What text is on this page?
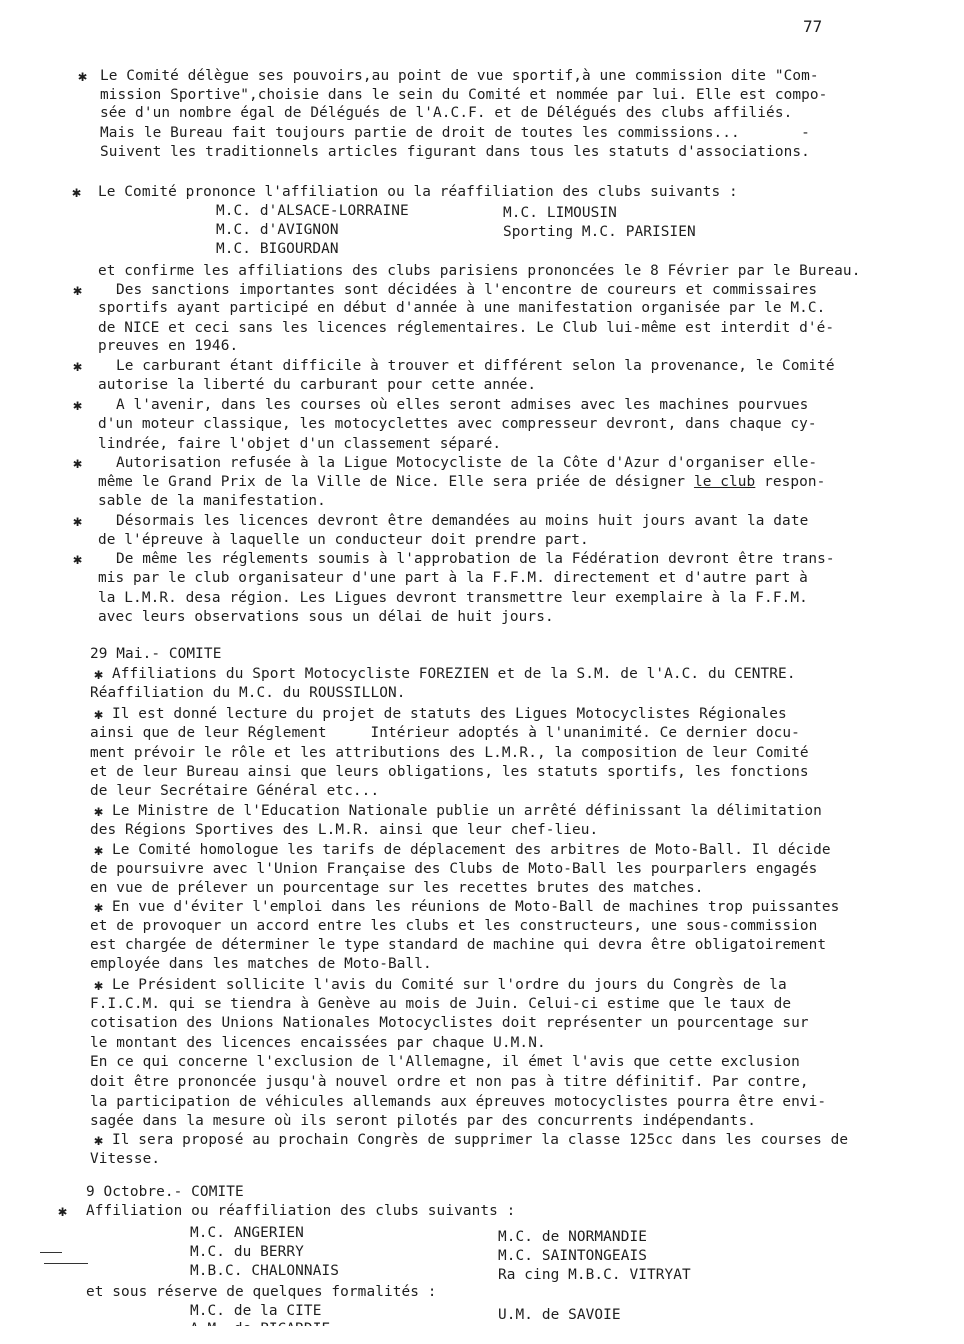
77
✱ Le Comité délègue ses pouvoirs,au point de vue sportif,à une commission dite "Com-
mission Sportive",choisie dans le sein du Comité et nommée par lui. Elle est compo-
sée d'un nombre égal de Délégués de l'A.C.F. et de Délégués des clubs affiliés.
Mais le Bureau fait toujours partie de droit de toutes les commissions...       -
Suivent les traditionnels articles figurant dans tous les statuts d'associations.
✱ Le Comité prononce l'affiliation ou la réaffiliation des clubs suivants :
M.C. d'ALSACE-LORRAINE	M.C. LIMOUSIN
M.C. d'AVIGNON	Sporting M.C. PARISIEN
M.C. BIGOURDAN
et confirme les affiliations des clubs parisiens prononcées le 8 Février par le Bureau.
✱ Des sanctions importantes sont décidées à l'encontre de coureurs et commissaires
sportifs ayant participé en début d'année à une manifestation organisée par le M.C.
de NICE et ceci sans les licences réglementaires. Le Club lui-même est interdit d'é-
preuves en 1946.
✱ Le carburant étant difficile à trouver et différent selon la provenance, le Comité
autorise la liberté du carburant pour cette année.
✱ A l'avenir, dans les courses où elles seront admises avec les machines pourvues
d'un moteur classique, les motocyclettes avec compresseur devront, dans chaque cy-
lindrée, faire l'objet d'un classement séparé.
✱ Autorisation refusée à la Ligue Motocycliste de la Côte d'Azur d'organiser elle-
même le Grand Prix de la Ville de Nice. Elle sera priée de désigner le club respon-
sable de la manifestation.
✱ Désormais les licences devront être demandées au moins huit jours avant la date
de l'épreuve à laquelle un conducteur doit prendre part.
✱ De même les réglements soumis à l'approbation de la Fédération devront être trans-
mis par le club organisateur d'une part à la F.F.M. directement et d'autre part à
la L.M.R. desa région. Les Ligues devront transmettre leur exemplaire à la F.F.M.
avec leurs observations sous un délai de huit jours.
29 Mai.- COMITE
✱ Affiliations du Sport Motocycliste FOREZIEN et de la S.M. de l'A.C. du CENTRE.
Réaffiliation du M.C. du ROUSSILLON.
✱ Il est donné lecture du projet de statuts des Ligues Motocyclistes Régionales
ainsi que de leur Réglement     Intérieur adoptés à l'unanimité. Ce dernier docu-
ment prévoir le rôle et les attributions des L.M.R., la composition de leur Comité
et de leur Bureau ainsi que leurs obligations, les statuts sportifs, les fonctions
de leur Secrétaire Général etc...
✱ Le Ministre de l'Education Nationale publie un arrêté définissant la délimitation
des Régions Sportives des L.M.R. ainsi que leur chef-lieu.
✱ Le Comité homologue les tarifs de déplacement des arbitres de Moto-Ball. Il décide
de poursuivre avec l'Union Française des Clubs de Moto-Ball les pourparlers engagés
en vue de prélever un pourcentage sur les recettes brutes des matches.
✱ En vue d'éviter l'emploi dans les réunions de Moto-Ball de machines trop puissantes
et de provoquer un accord entre les clubs et les constructeurs, une sous-commission
est chargée de déterminer le type standard de machine qui devra être obligatoirement
employée dans les matches de Moto-Ball.
✱ Le Président sollicite l'avis du Comité sur l'ordre du jours du Congrès de la
F.I.C.M. qui se tiendra à Genève au mois de Juin. Celui-ci estime que le taux de
cotisation des Unions Nationales Motocyclistes doit représenter un pourcentage sur
le montant des licences encaissées par chaque U.M.N.
En ce qui concerne l'exclusion de l'Allemagne, il émet l'avis que cette exclusion
doit être prononcée jusqu'à nouvel ordre et non pas à titre définitif. Par contre,
la participation de véhicules allemands aux épreuves motocyclistes pourra être envi-
sagée dans la mesure où ils seront pilotés par des concurrents indépendants.
✱ Il sera proposé au prochain Congrès de supprimer la classe 125cc dans les courses de
Vitesse.
9 Octobre.- COMITE
✱ Affiliation ou réaffiliation des clubs suivants :
M.C. ANGERIEN	M.C. de NORMANDIE
M.C. du BERRY	M.C. SAINTONGEAIS
M.B.C. CHALONNAIS	Ra cing M.B.C. VITRYAT
et sous réserve de quelques formalités :
M.C. de la CITE	U.M. de SAVOIE
